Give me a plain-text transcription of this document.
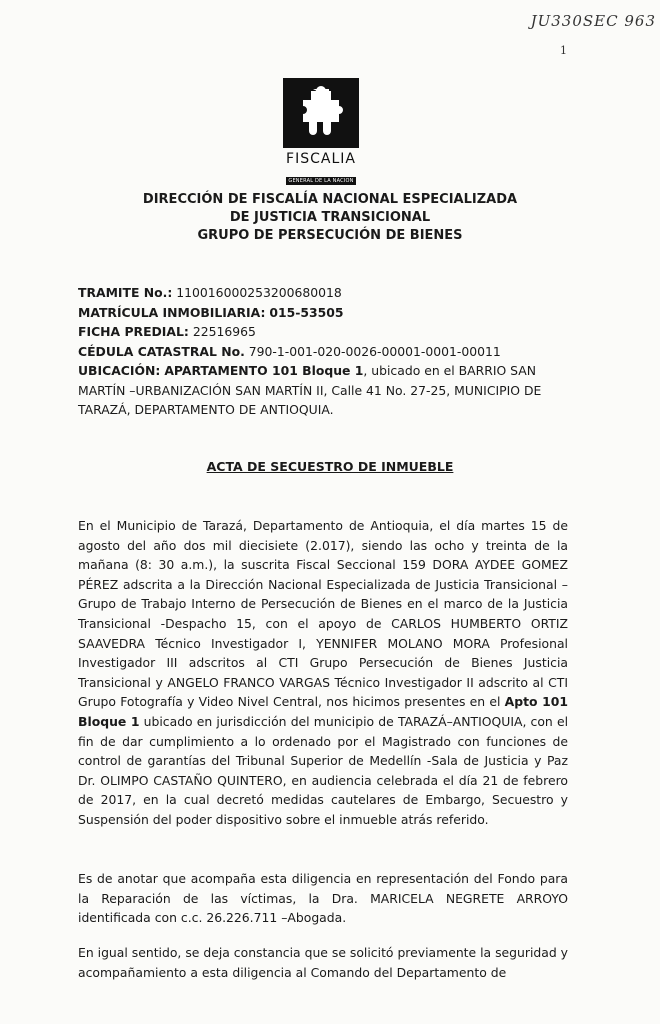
JU330SEC 963
1
FISCALIA
GENERAL DE LA NACION
DIRECCIÓN DE FISCALÍA NACIONAL ESPECIALIZADA
DE JUSTICIA TRANSICIONAL
GRUPO DE PERSECUCIÓN DE BIENES
TRAMITE No.: 110016000253200680018
MATRÍCULA INMOBILIARIA: 015-53505
FICHA PREDIAL: 22516965
CÉDULA CATASTRAL No. 790-1-001-020-0026-00001-0001-00011
UBICACIÓN: APARTAMENTO 101 Bloque 1, ubicado en el BARRIO SAN MARTÍN –URBANIZACIÓN SAN MARTÍN II, Calle 41 No. 27-25, MUNICIPIO DE TARAZÁ, DEPARTAMENTO DE ANTIOQUIA.
ACTA DE SECUESTRO DE INMUEBLE
En el Municipio de Tarazá, Departamento de Antioquia, el día martes 15 de agosto del año dos mil diecisiete (2.017), siendo las ocho y treinta de la mañana (8: 30 a.m.), la suscrita Fiscal Seccional 159 DORA AYDEE GOMEZ PÉREZ adscrita a la Dirección Nacional Especializada de Justicia Transicional –Grupo de Trabajo Interno de Persecución de Bienes en el marco de la Justicia Transicional -Despacho 15, con el apoyo de CARLOS HUMBERTO ORTIZ SAAVEDRA Técnico Investigador I, YENNIFER MOLANO MORA Profesional Investigador III adscritos al CTI Grupo Persecución de Bienes Justicia Transicional y ANGELO FRANCO VARGAS Técnico Investigador II adscrito al CTI Grupo Fotografía y Video Nivel Central, nos hicimos presentes en el Apto 101 Bloque 1 ubicado en jurisdicción del municipio de TARAZÁ–ANTIOQUIA, con el fin de dar cumplimiento a lo ordenado por el Magistrado con funciones de control de garantías del Tribunal Superior de Medellín -Sala de Justicia y Paz Dr. OLIMPO CASTAÑO QUINTERO, en audiencia celebrada el día 21 de febrero de 2017, en la cual decretó medidas cautelares de Embargo, Secuestro y Suspensión del poder dispositivo sobre el inmueble atrás referido.
Es de anotar que acompaña esta diligencia en representación del Fondo para la Reparación de las víctimas, la Dra. MARICELA NEGRETE ARROYO identificada con c.c. 26.226.711 –Abogada.
En igual sentido, se deja constancia que se solicitó previamente la seguridad y acompañamiento a esta diligencia al Comando del Departamento de
